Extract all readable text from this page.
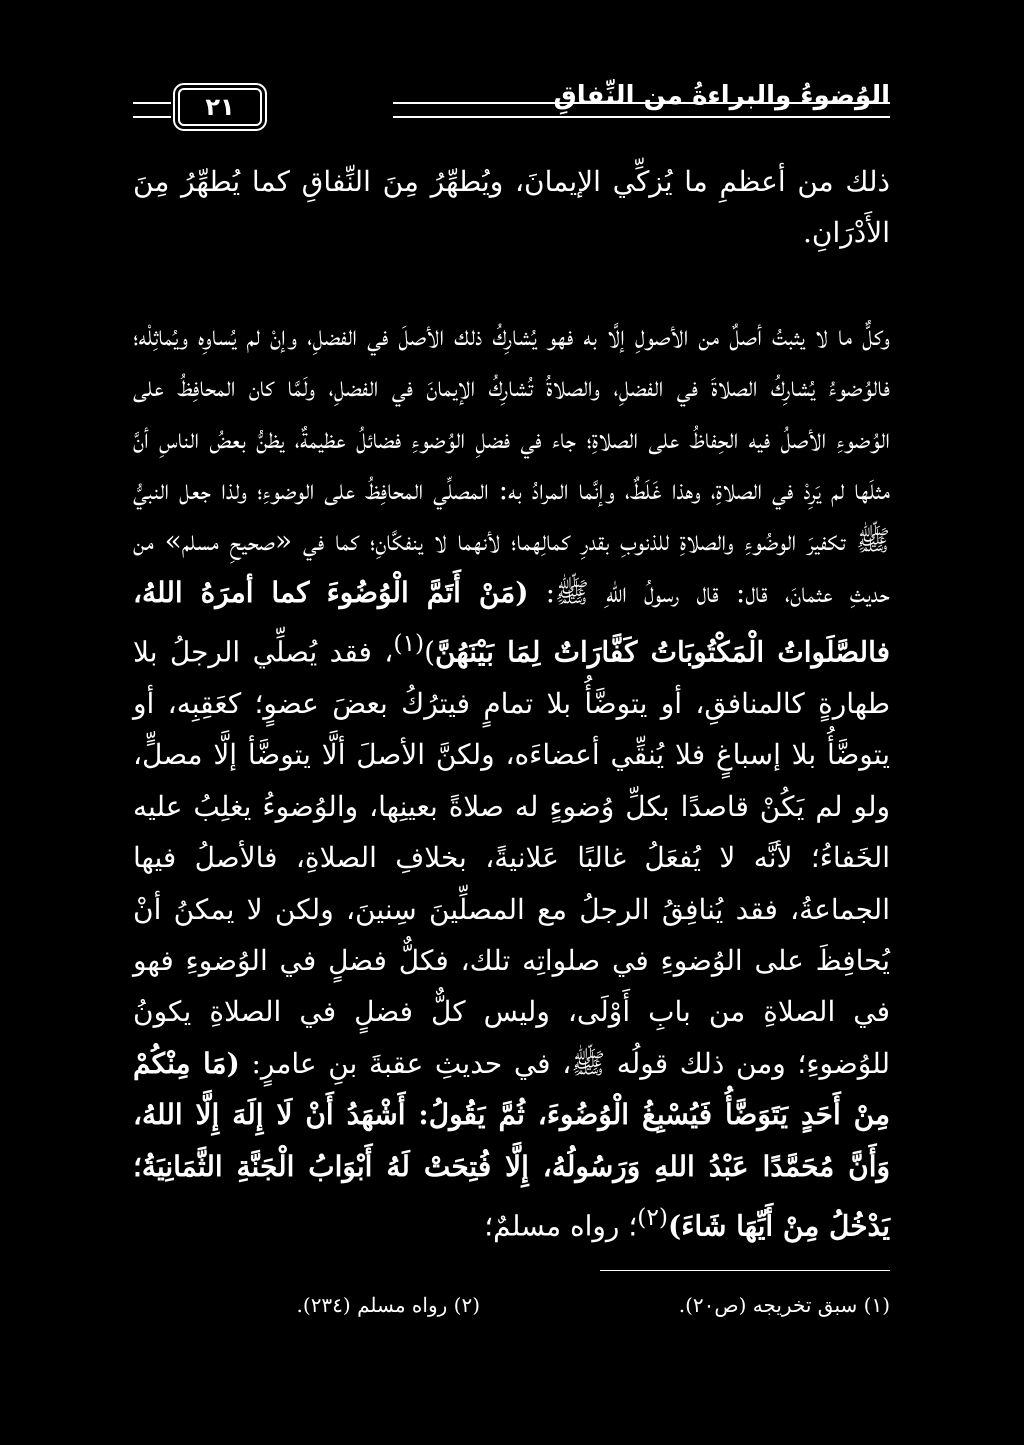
الوُضوءُ والبراءةُ من النِّفاقِ
٢١

ذلك من أعظمِ ما يُزكِّي الإيمانَ، ويُطهِّرُ مِنَ النِّفاقِ كما يُطهِّرُ مِنَ الأَدْرَانِ.

وكلٌّ ما لا يثبتُ أصلٌ من الأصولِ إلَّا به فهو يُشارِكُ ذلك الأصلَ في الفضلِ، وإنْ لم يُساوِه ويُماثِلْه؛ فالوُضوءُ يُشارِكُ الصلاةَ في الفضلِ، والصلاةُ تُشارِكُ الإيمانَ في الفضلِ، ولَمَّا كان المحافِظُ على الوُضوءِ الأصلُ فيه الحِفاظُ على الصلاةِ؛ جاء في فضلِ الوُضوءِ فضائلُ عظيمةٌ، يظنُّ بعضُ الناسِ أنَّ مثلَها لم يَرِدْ في الصلاةِ، وهذا غَلَطٌ، وإنَّما المرادُ به: المصلِّي المحافِظُ على الوضوءِ؛ ولذا جعل النبيُّ ﷺ تكفيرَ الوضُوءِ والصلاةِ للذنوبِ بقدرِ كمالِهما؛ لأنهما لا ينفكَّانِ؛ كما في «صحيحِ مسلم» من حديثِ عثمانَ، قال: قال رسولُ اللهِ ﷺ: (مَنْ أَتَمَّ الْوُضُوءَ كما أمرَهُ اللهُ، فالصَّلَواتُ الْمَكْتُوبَاتُ كَفَّارَاتٌ لِمَا بَيْنَهُنَّ)$^{(١)}$، فقد يُصلِّي الرجلُ بلا طهارةٍ كالمنافقِ، أو يتوضَّأُ بلا تمامٍ فيترُكُ بعضَ عضوٍ؛ كعَقِبِه، أو يتوضَّأُ بلا إسباغٍ فلا يُنقِّي أعضاءَه، ولكنَّ الأصلَ ألَّا يتوضَّأ إلَّا مصلٍّ، ولو لم يَكُنْ قاصدًا بكلِّ وُضوءٍ له صلاةً بعينِها، والوُضوءُ يغلِبُ عليه الخَفاءُ؛ لأنَّه لا يُفعَلُ غالبًا عَلانيةً، بخلافِ الصلاةِ، فالأصلُ فيها الجماعةُ، فقد يُنافِقُ الرجلُ مع المصلِّينَ سِنينَ، ولكن لا يمكنُ أنْ يُحافِظَ على الوُضوءِ في صلواتِه تلك، فكلٌّ فضلٍ في الوُضوءِ فهو في الصلاةِ من بابِ أَوْلَى، وليس كلٌّ فضلٍ في الصلاةِ يكونُ للوُضوءِ؛ ومن ذلك قولُه ﷺ، في حديثِ عقبةَ بنِ عامرٍ: (مَا مِنْكُمْ مِنْ أَحَدٍ يَتَوَضَّأُ فَيُسْبِغُ الْوُضُوءَ، ثُمَّ يَقُولُ: أَشْهَدُ أَنْ لَا إِلَهَ إِلَّا اللهُ، وَأَنَّ مُحَمَّدًا عَبْدُ اللهِ وَرَسُولُهُ، إِلَّا فُتِحَتْ لَهُ أَبْوَابُ الْجَنَّةِ الثَّمَانِيَةُ؛ يَدْخُلُ مِنْ أَيِّهَا شَاءَ)$^{(٢)}$؛ رواه مسلمٌ؛

(١) سبق تخريجه (ص٢٠).
(٢) رواه مسلم (٢٣٤).
